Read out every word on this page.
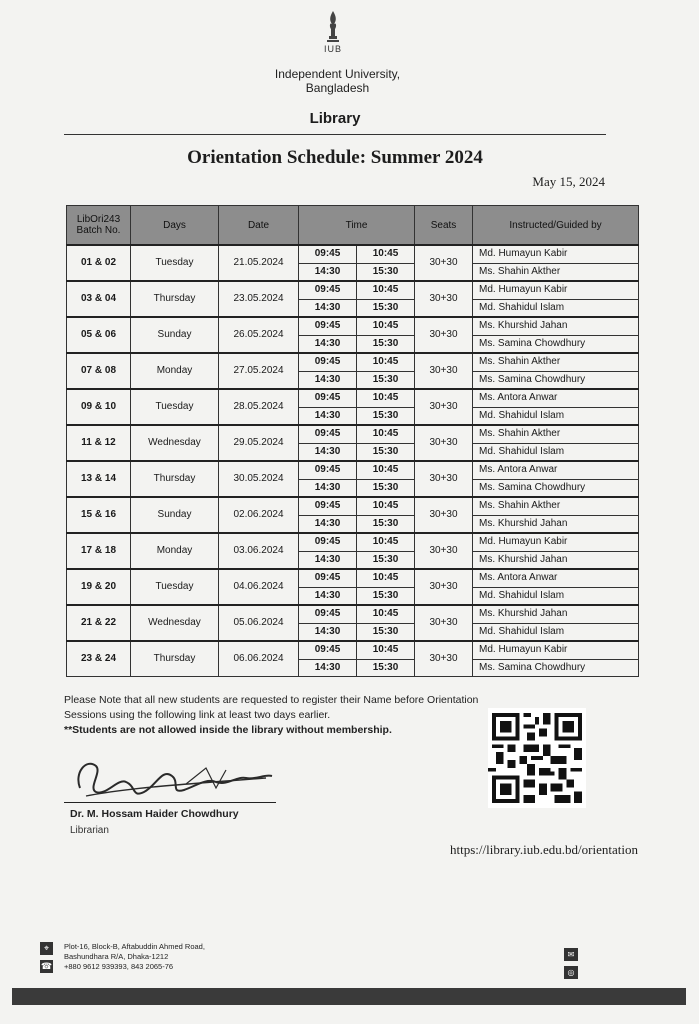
IUB
Independent University,
Bangladesh
Library
Orientation Schedule: Summer 2024
May 15, 2024
LibOri243 Batch No.	Days	Date	Time		Seats	Instructed/Guided by
01 & 02	Tuesday	21.05.2024	09:45	10:45	30+30	Md. Humayun Kabir
			14:30	15:30		Ms. Shahin Akther
03 & 04	Thursday	23.05.2024	09:45	10:45	30+30	Md. Humayun Kabir
			14:30	15:30		Md. Shahidul Islam
05 & 06	Sunday	26.05.2024	09:45	10:45	30+30	Ms. Khurshid Jahan
			14:30	15:30		Ms. Samina Chowdhury
07 & 08	Monday	27.05.2024	09:45	10:45	30+30	Ms. Shahin Akther
			14:30	15:30		Ms. Samina Chowdhury
09 & 10	Tuesday	28.05.2024	09:45	10:45	30+30	Ms. Antora Anwar
			14:30	15:30		Md. Shahidul Islam
11 & 12	Wednesday	29.05.2024	09:45	10:45	30+30	Ms. Shahin Akther
			14:30	15:30		Md. Shahidul Islam
13 & 14	Thursday	30.05.2024	09:45	10:45	30+30	Ms. Antora Anwar
			14:30	15:30		Ms. Samina Chowdhury
15 & 16	Sunday	02.06.2024	09:45	10:45	30+30	Ms. Shahin Akther
			14:30	15:30		Ms. Khurshid Jahan
17 & 18	Monday	03.06.2024	09:45	10:45	30+30	Md. Humayun Kabir
			14:30	15:30		Ms. Khurshid Jahan
19 & 20	Tuesday	04.06.2024	09:45	10:45	30+30	Ms. Antora Anwar
			14:30	15:30		Md. Shahidul Islam
21 & 22	Wednesday	05.06.2024	09:45	10:45	30+30	Ms. Khurshid Jahan
			14:30	15:30		Md. Shahidul Islam
23 & 24	Thursday	06.06.2024	09:45	10:45	30+30	Md. Humayun Kabir
			14:30	15:30		Ms. Samina Chowdhury

Please Note that all new students are requested to register their Name before Orientation

Sessions using the following link at least two days earlier.

**Students are not allowed inside the library without membership.

Dr. M. Hossam Haider Chowdhury
Librarian
https://library.iub.edu.bd/orientation
⌖
☎
Plot-16, Block-B, Aftabuddin Ahmed Road,
Bashundhara R/A, Dhaka-1212
+880 9612 939393, 843 2065-76
✉
◎
